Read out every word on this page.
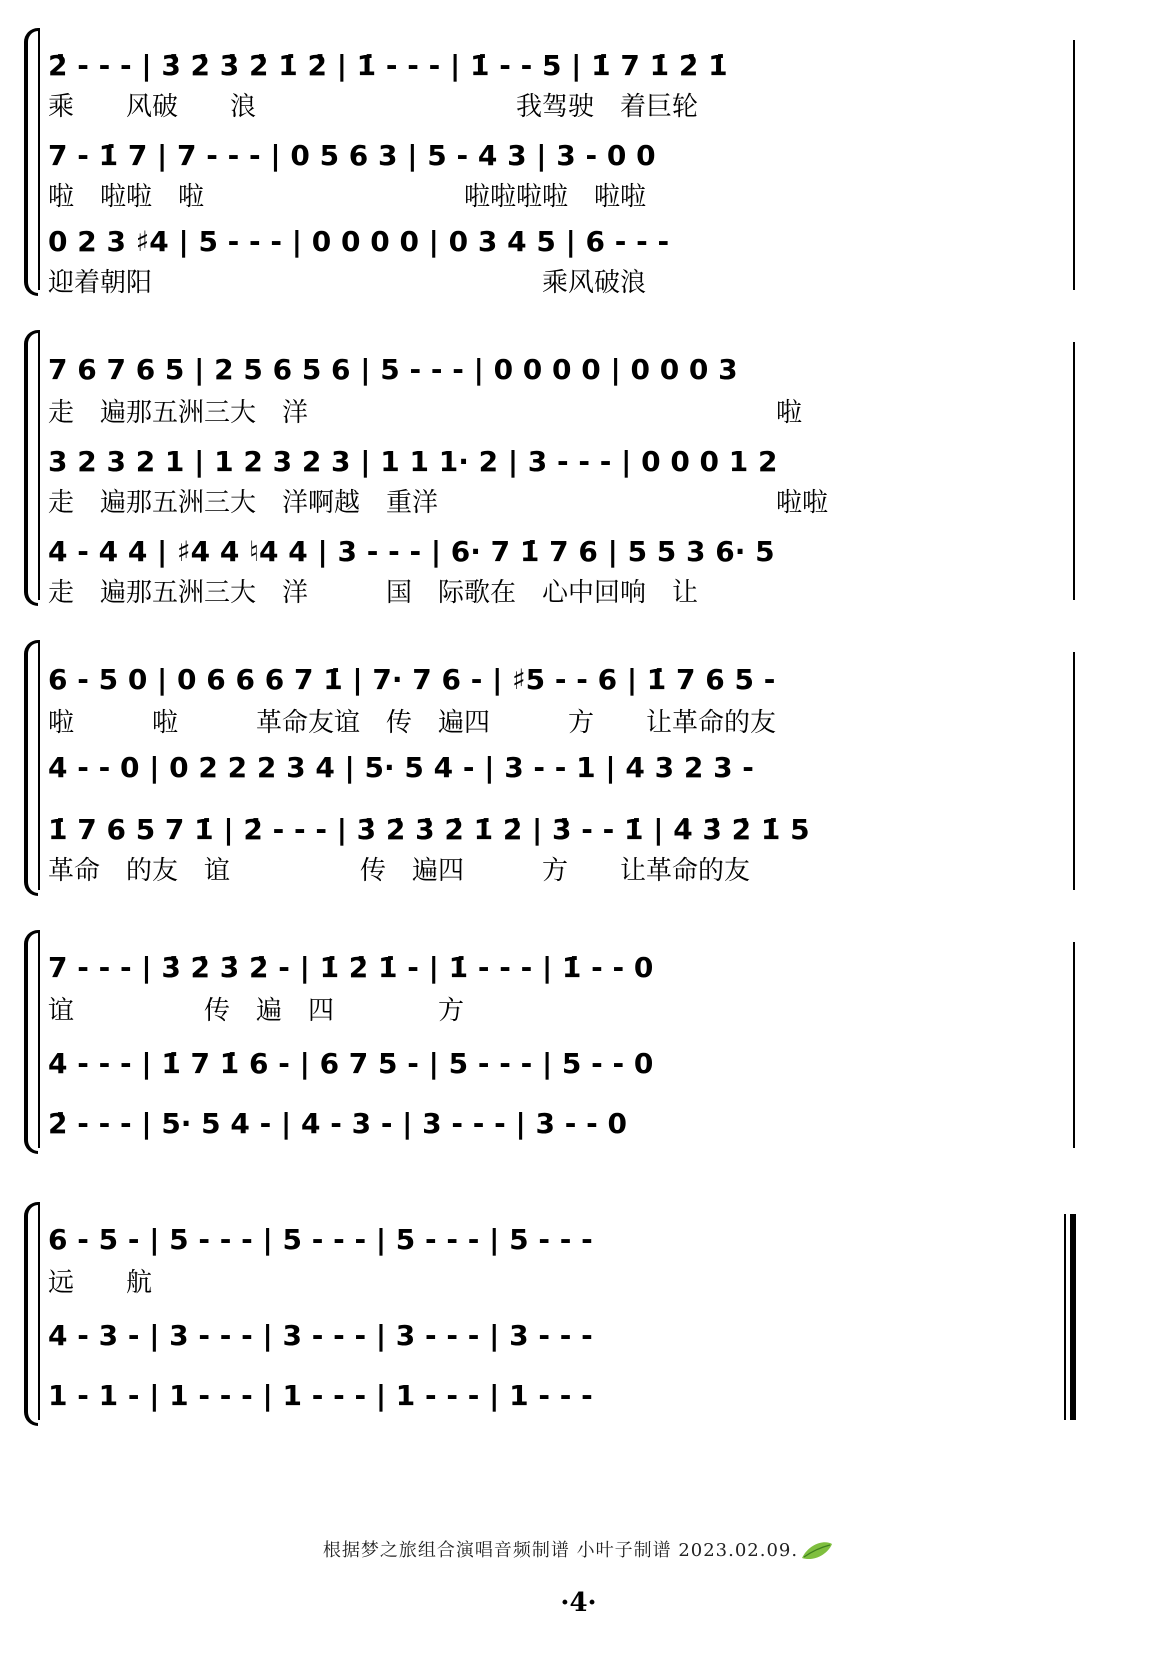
2̇ - - - | 3̇ 2̇ 3̇ 2̇ 1̇ 2̇ | 1̇ - - - | 1̇ - - 5 | 1̇ 7 1̇ 2̇ 1̇
乘　　风破　　浪　　　　　　　　　　我驾驶　着巨轮
7 - 1̇ 7 | 7 - - - | 0 5 6 3 | 5 - 4 3 | 3 - 0 0
啦　啦啦　啦　　　　　　　　　　啦啦啦啦　啦啦
0 2 3 ♯4 | 5 - - - | 0 0 0 0 | 0 3 4 5 | 6 - - -
迎着朝阳　　　　　　　　　　　　　　　乘风破浪
7 6 7 6 5 | 2 5 6 5 6 | 5 - - - | 0 0 0 0 | 0 0 0 3
走　遍那五洲三大　洋　　　　　　　　　　　　　　　　　　啦
3 2 3 2 1 | 1 2 3 2 3 | 1 1 1· 2 | 3 - - - | 0 0 0 1 2
走　遍那五洲三大　洋啊越　重洋　　　　　　　　　　　　　啦啦
4 - 4 4 | ♯4 4 ♮4 4 | 3 - - - | 6· 7 1̇ 7 6 | 5 5 3 6· 5
走　遍那五洲三大　洋　　　国　际歌在　心中回响　让
6 - 5 0 | 0 6 6 6 7 1̇ | 7· 7 6 - | ♯5 - - 6 | 1̇ 7 6 5 -
啦　　　啦　　　革命友谊　传　遍四　　　方　　让革命的友
4 - - 0 | 0 2 2 2 3 4 | 5· 5 4 - | 3 - - 1 | 4 3 2 3 -
1̇ 7 6 5 7 1̇ | 2̇ - - - | 3̇ 2̇ 3̇ 2̇ 1̇ 2̇ | 3̇ - - 1̇ | 4̇ 3̇ 2̇ 1̇ 5
革命　的友　谊　　　　　传　遍四　　　方　　让革命的友
7 - - - | 3̇ 2̇ 3̇ 2̇ - | 1̇ 2̇ 1̇ - | 1̇ - - - | 1̇ - - 0
谊　　　　　传　遍　四　　　　方
4 - - - | 1̇ 7 1̇ 6 - | 6 7 5 - | 5 - - - | 5 - - 0
2̇ - - - | 5· 5 4 - | 4 - 3 - | 3 - - - | 3 - - 0
6 - 5 - | 5 - - - | 5 - - - | 5 - - - | 5 - - -
远　　航
4 - 3 - | 3 - - - | 3 - - - | 3 - - - | 3 - - -
1 - 1 - | 1 - - - | 1 - - - | 1 - - - | 1 - - -
根据梦之旅组合演唱音频制谱 小叶子制谱 2023.02.09.
·4·
